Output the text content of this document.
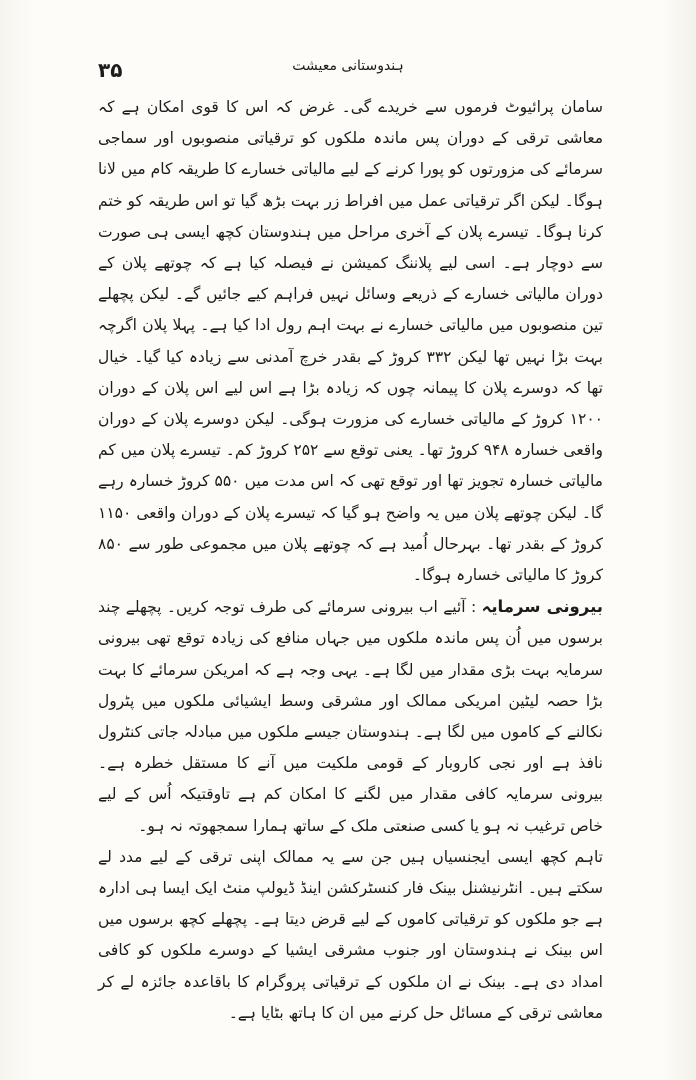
۳۵	ہندوستانی معیشت

سامان پرائیوٹ فرموں سے خریدے گی۔ غرض کہ اس کا قوی امکان ہے کہ معاشی ترقی کے دوران پس ماندہ ملکوں کو ترقیاتی منصوبوں اور سماجی سرمائے کی مزورتوں کو پورا کرنے کے لیے مالیاتی خسارے کا طریقہ کام میں لانا ہوگا۔ لیکن اگر ترقیاتی عمل میں افراط زر بہت بڑھ گیا تو اس طریقہ کو ختم کرنا ہوگا۔ تیسرے پلان کے آخری مراحل میں ہندوستان کچھ ایسی ہی صورت سے دوچار ہے۔ اسی لیے پلاننگ کمیشن نے فیصلہ کیا ہے کہ چوتھے پلان کے دوران مالیاتی خسارے کے ذریعے وسائل نہیں فراہم کیے جائیں گے۔ لیکن پچھلے تین منصوبوں میں مالیاتی خسارے نے بہت اہم رول ادا کیا ہے۔ پہلا پلان اگرچہ بہت بڑا نہیں تھا لیکن ۳۳۲ کروڑ کے بقدر خرچ آمدنی سے زیادہ کیا گیا۔ خیال تھا کہ دوسرے پلان کا پیمانہ چوں کہ زیادہ بڑا ہے اس لیے اس پلان کے دوران ۱۲۰۰ کروڑ کے مالیاتی خسارے کی مزورت ہوگی۔ لیکن دوسرے پلان کے دوران واقعی خسارہ ۹۴۸ کروڑ تھا۔ یعنی توقع سے ۲۵۲ کروڑ کم۔ تیسرے پلان میں کم مالیاتی خسارہ تجویز تھا اور توقع تھی کہ اس مدت میں ۵۵۰ کروڑ خسارہ رہے گا۔ لیکن چوتھے پلان میں یہ واضح ہو گیا کہ تیسرے پلان کے دوران واقعی ۱۱۵۰ کروڑ کے بقدر تھا۔ بہرحال اُمید ہے کہ چوتھے پلان میں مجموعی طور سے ۸۵۰ کروڑ کا مالیاتی خسارہ ہوگا۔

بیرونی سرمایہ : آئیے اب بیرونی سرمائے کی طرف توجہ کریں۔ پچھلے چند برسوں میں اُن پس ماندہ ملکوں میں جہاں منافع کی زیادہ توقع تھی بیرونی سرمایہ بہت بڑی مقدار میں لگا ہے۔ یہی وجہ ہے کہ امریکن سرمائے کا بہت بڑا حصہ لیٹین امریکی ممالک اور مشرقی وسط ایشیائی ملکوں میں پٹرول نکالنے کے کاموں میں لگا ہے۔ ہندوستان جیسے ملکوں میں مبادلہ جاتی کنٹرول نافذ ہے اور نجی کاروبار کے قومی ملکیت میں آنے کا مستقل خطرہ ہے۔ بیرونی سرمایہ کافی مقدار میں لگنے کا امکان کم ہے تاوقتیکہ اُس کے لیے خاص ترغیب نہ ہو یا کسی صنعتی ملک کے ساتھ ہمارا سمجھوتہ نہ ہو۔

تاہم کچھ ایسی ایجنسیاں ہیں جن سے یہ ممالک اپنی ترقی کے لیے مدد لے سکتے ہیں۔ انٹرنیشنل بینک فار کنسٹرکشن اینڈ ڈیولپ منٹ ایک ایسا ہی ادارہ ہے جو ملکوں کو ترقیاتی کاموں کے لیے قرض دیتا ہے۔ پچھلے کچھ برسوں میں اس بینک نے ہندوستان اور جنوب مشرقی ایشیا کے دوسرے ملکوں کو کافی امداد دی ہے۔ بینک نے ان ملکوں کے ترقیاتی پروگرام کا باقاعدہ جائزہ لے کر معاشی ترقی کے مسائل حل کرنے میں ان کا ہاتھ بٹایا ہے۔
